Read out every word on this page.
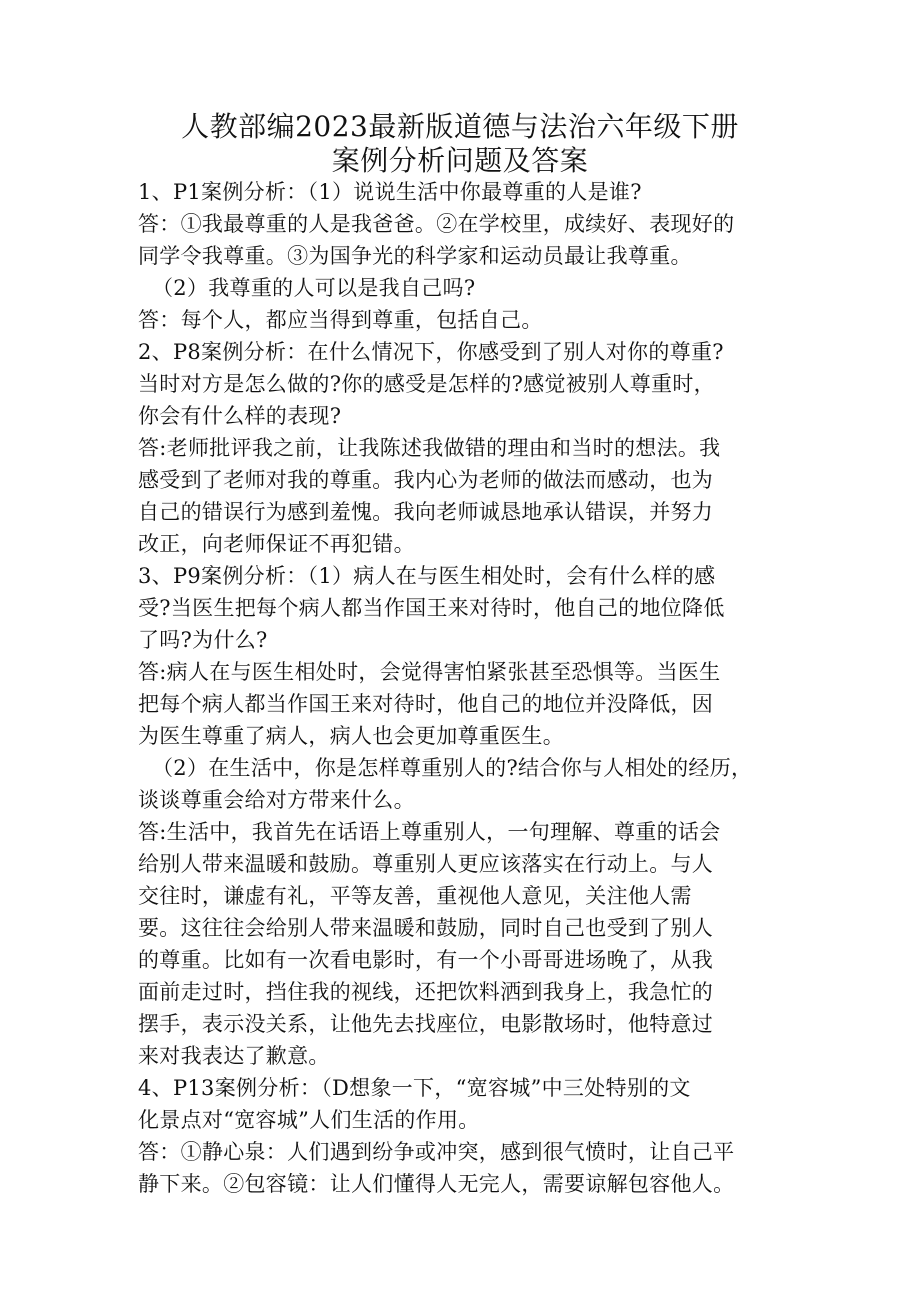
人教部编2023最新版道德与法治六年级下册
案例分析问题及答案
1、P1案例分析：（1）说说生活中你最尊重的人是谁?
答：①我最尊重的人是我爸爸。②在学校里，成续好、表现好的
同学令我尊重。③为国争光的科学家和运动员最让我尊重。
（2）我尊重的人可以是我自己吗?
答：每个人，都应当得到尊重，包括自己。
2、P8案例分析：在什么情况下，你感受到了别人对你的尊重?
当时对方是怎么做的?你的感受是怎样的?感觉被别人尊重时，
你会有什么样的表现?
答:老师批评我之前，让我陈述我做错的理由和当时的想法。我
感受到了老师对我的尊重。我内心为老师的做法而感动，也为
自己的错误行为感到羞愧。我向老师诚恳地承认错误，并努力
改正，向老师保证不再犯错。
3、P9案例分析：（1）病人在与医生相处时，会有什么样的感
受?当医生把每个病人都当作国王来对待时，他自己的地位降低
了吗?为什么?
答:病人在与医生相处时，会觉得害怕紧张甚至恐惧等。当医生
把每个病人都当作国王来对待时，他自己的地位并没降低，因
为医生尊重了病人，病人也会更加尊重医生。
（2）在生活中，你是怎样尊重别人的?结合你与人相处的经历，
谈谈尊重会给对方带来什么。
答:生活中，我首先在话语上尊重别人，一句理解、尊重的话会
给别人带来温暖和鼓励。尊重别人更应该落实在行动上。与人
交往时，谦虚有礼，平等友善，重视他人意见，关注他人需
要。这往往会给别人带来温暖和鼓励，同时自己也受到了别人
的尊重。比如有一次看电影时，有一个小哥哥进场晚了，从我
面前走过时，挡住我的视线，还把饮料洒到我身上，我急忙的
摆手，表示没关系，让他先去找座位，电影散场时，他特意过
来对我表达了歉意。
4、P13案例分析：（D想象一下，“宽容城”中三处特别的文
化景点对“宽容城”人们生活的作用。
答：①静心泉：人们遇到纷争或冲突，感到很气愤时，让自己平
静下来。②包容镜：让人们懂得人无完人，需要谅解包容他人。
